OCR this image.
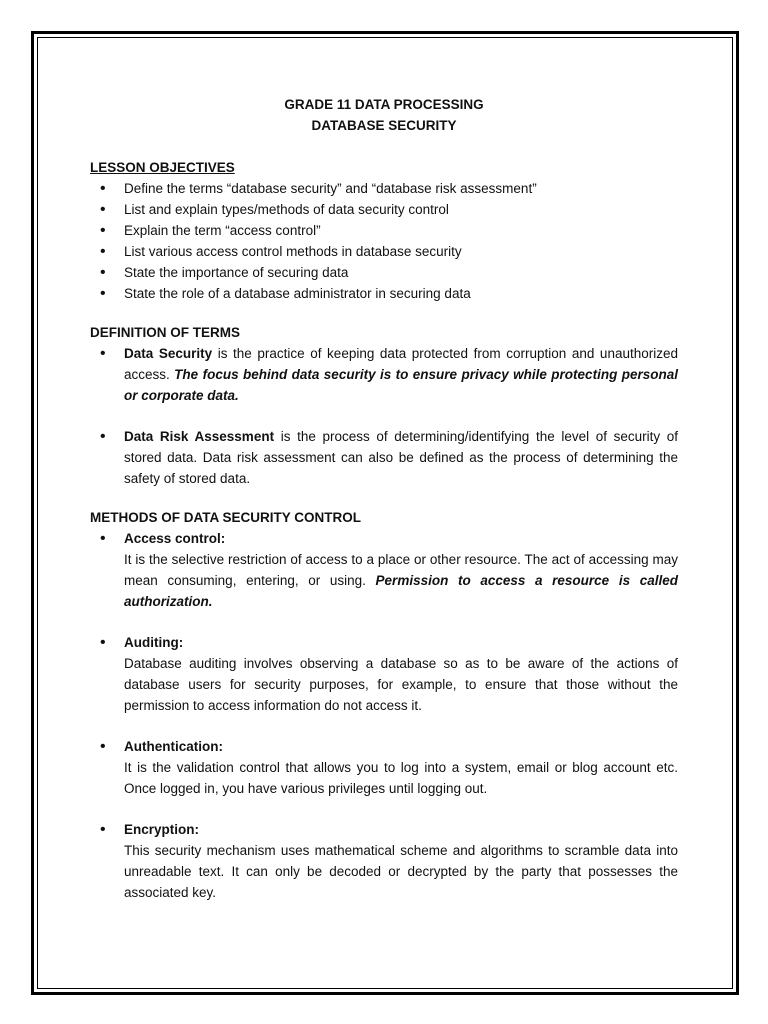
GRADE 11 DATA PROCESSING

DATABASE SECURITY

LESSON OBJECTIVES

• Define the terms “database security” and “database risk assessment”
• List and explain types/methods of data security control
• Explain the term “access control”
• List various access control methods in database security
• State the importance of securing data
• State the role of a database administrator in securing data

DEFINITION OF TERMS

• Data Security is the practice of keeping data protected from corruption and unauthorized access. The focus behind data security is to ensure privacy while protecting personal or corporate data.
• Data Risk Assessment is the process of determining/identifying the level of security of stored data. Data risk assessment can also be defined as the process of determining the safety of stored data.

METHODS OF DATA SECURITY CONTROL

• Access control:
It is the selective restriction of access to a place or other resource. The act of accessing may mean consuming, entering, or using. Permission to access a resource is called authorization.
• Auditing:
Database auditing involves observing a database so as to be aware of the actions of database users for security purposes, for example, to ensure that those without the permission to access information do not access it.
• Authentication:
It is the validation control that allows you to log into a system, email or blog account etc. Once logged in, you have various privileges until logging out.
• Encryption:
This security mechanism uses mathematical scheme and algorithms to scramble data into unreadable text. It can only be decoded or decrypted by the party that possesses the associated key.
